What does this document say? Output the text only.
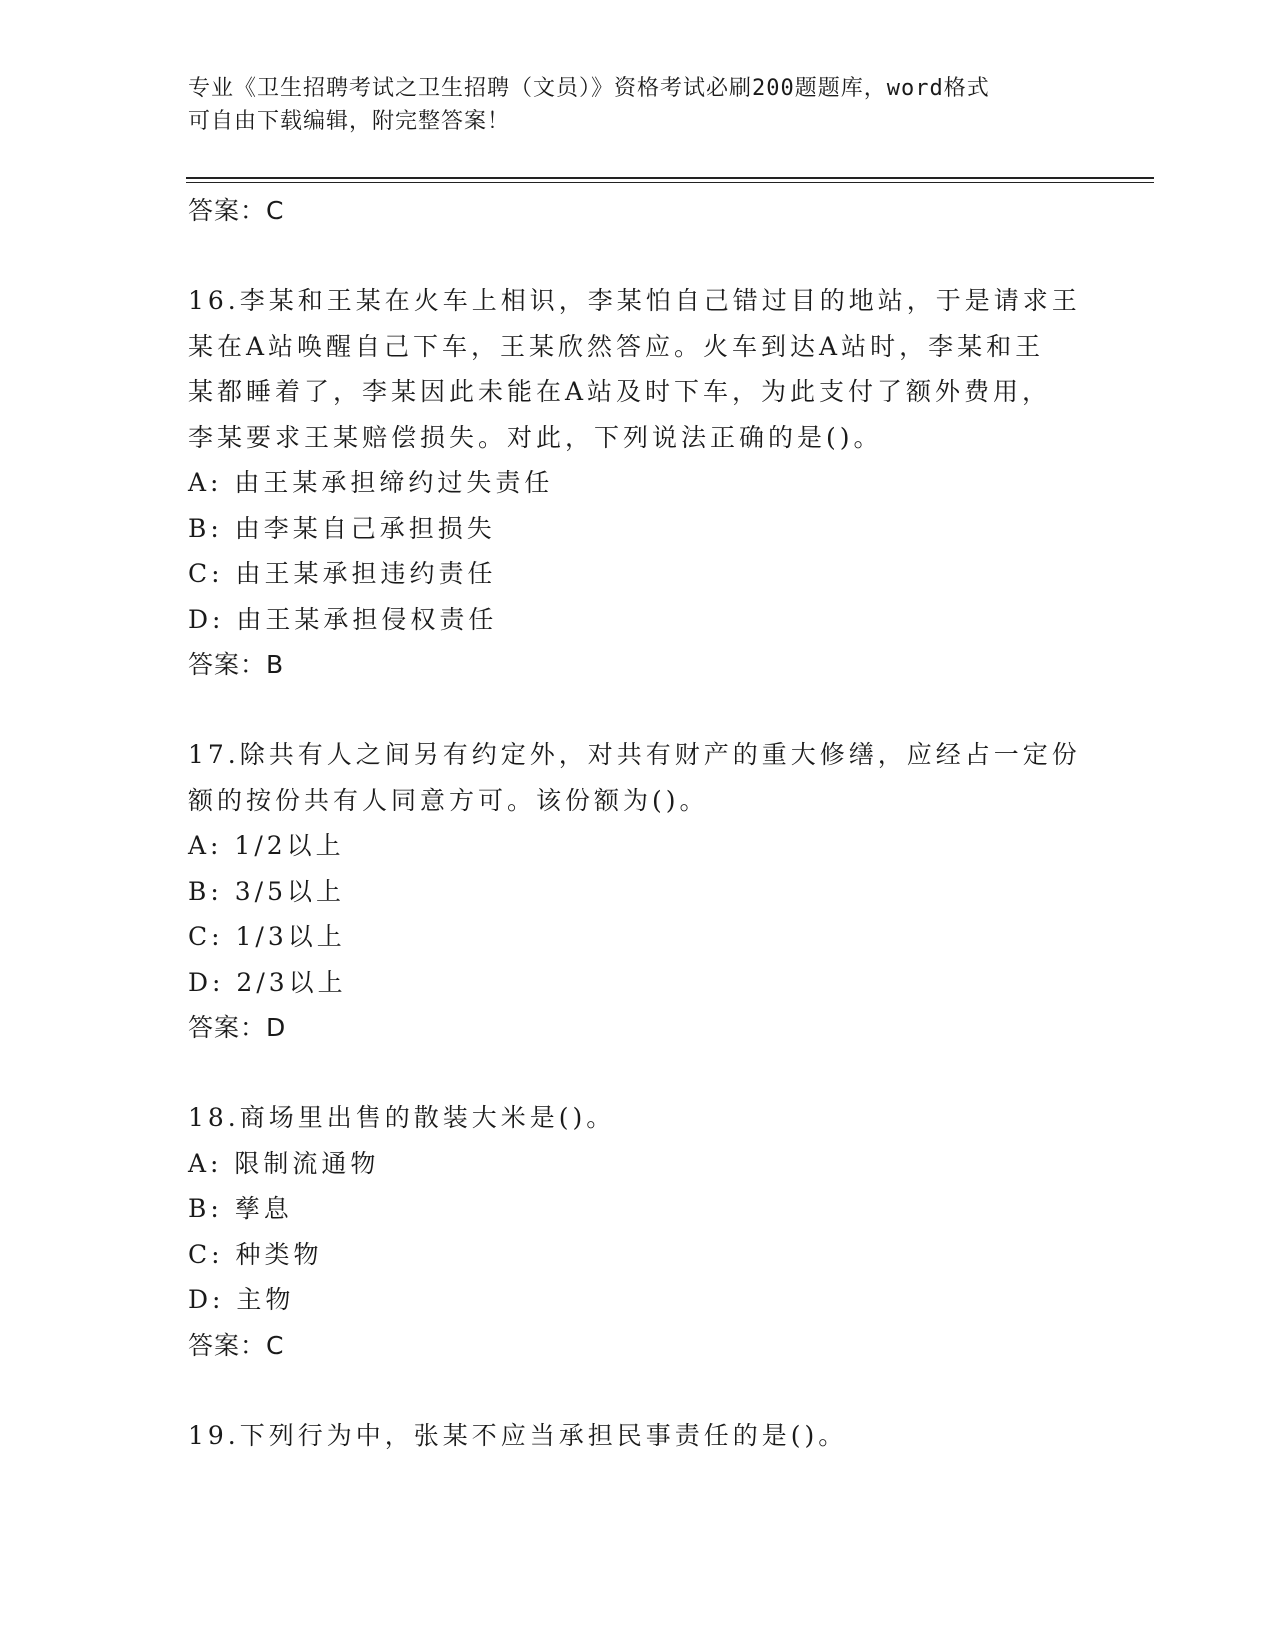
专业《卫生招聘考试之卫生招聘（文员）》资格考试必刷200题题库，word格式
可自由下载编辑，附完整答案！
答案：C
16.李某和王某在火车上相识，李某怕自己错过目的地站，于是请求王
某在A站唤醒自己下车，王某欣然答应。火车到达A站时，李某和王
某都睡着了，李某因此未能在A站及时下车，为此支付了额外费用，
李某要求王某赔偿损失。对此，下列说法正确的是()。
A: 由王某承担缔约过失责任
B: 由李某自己承担损失
C: 由王某承担违约责任
D: 由王某承担侵权责任
答案：B
17.除共有人之间另有约定外，对共有财产的重大修缮，应经占一定份
额的按份共有人同意方可。该份额为()。
A: 1/2以上
B: 3/5以上
C: 1/3以上
D: 2/3以上
答案：D
18.商场里出售的散装大米是()。
A: 限制流通物
B: 孳息
C: 种类物
D: 主物
答案：C
19.下列行为中，张某不应当承担民事责任的是()。
